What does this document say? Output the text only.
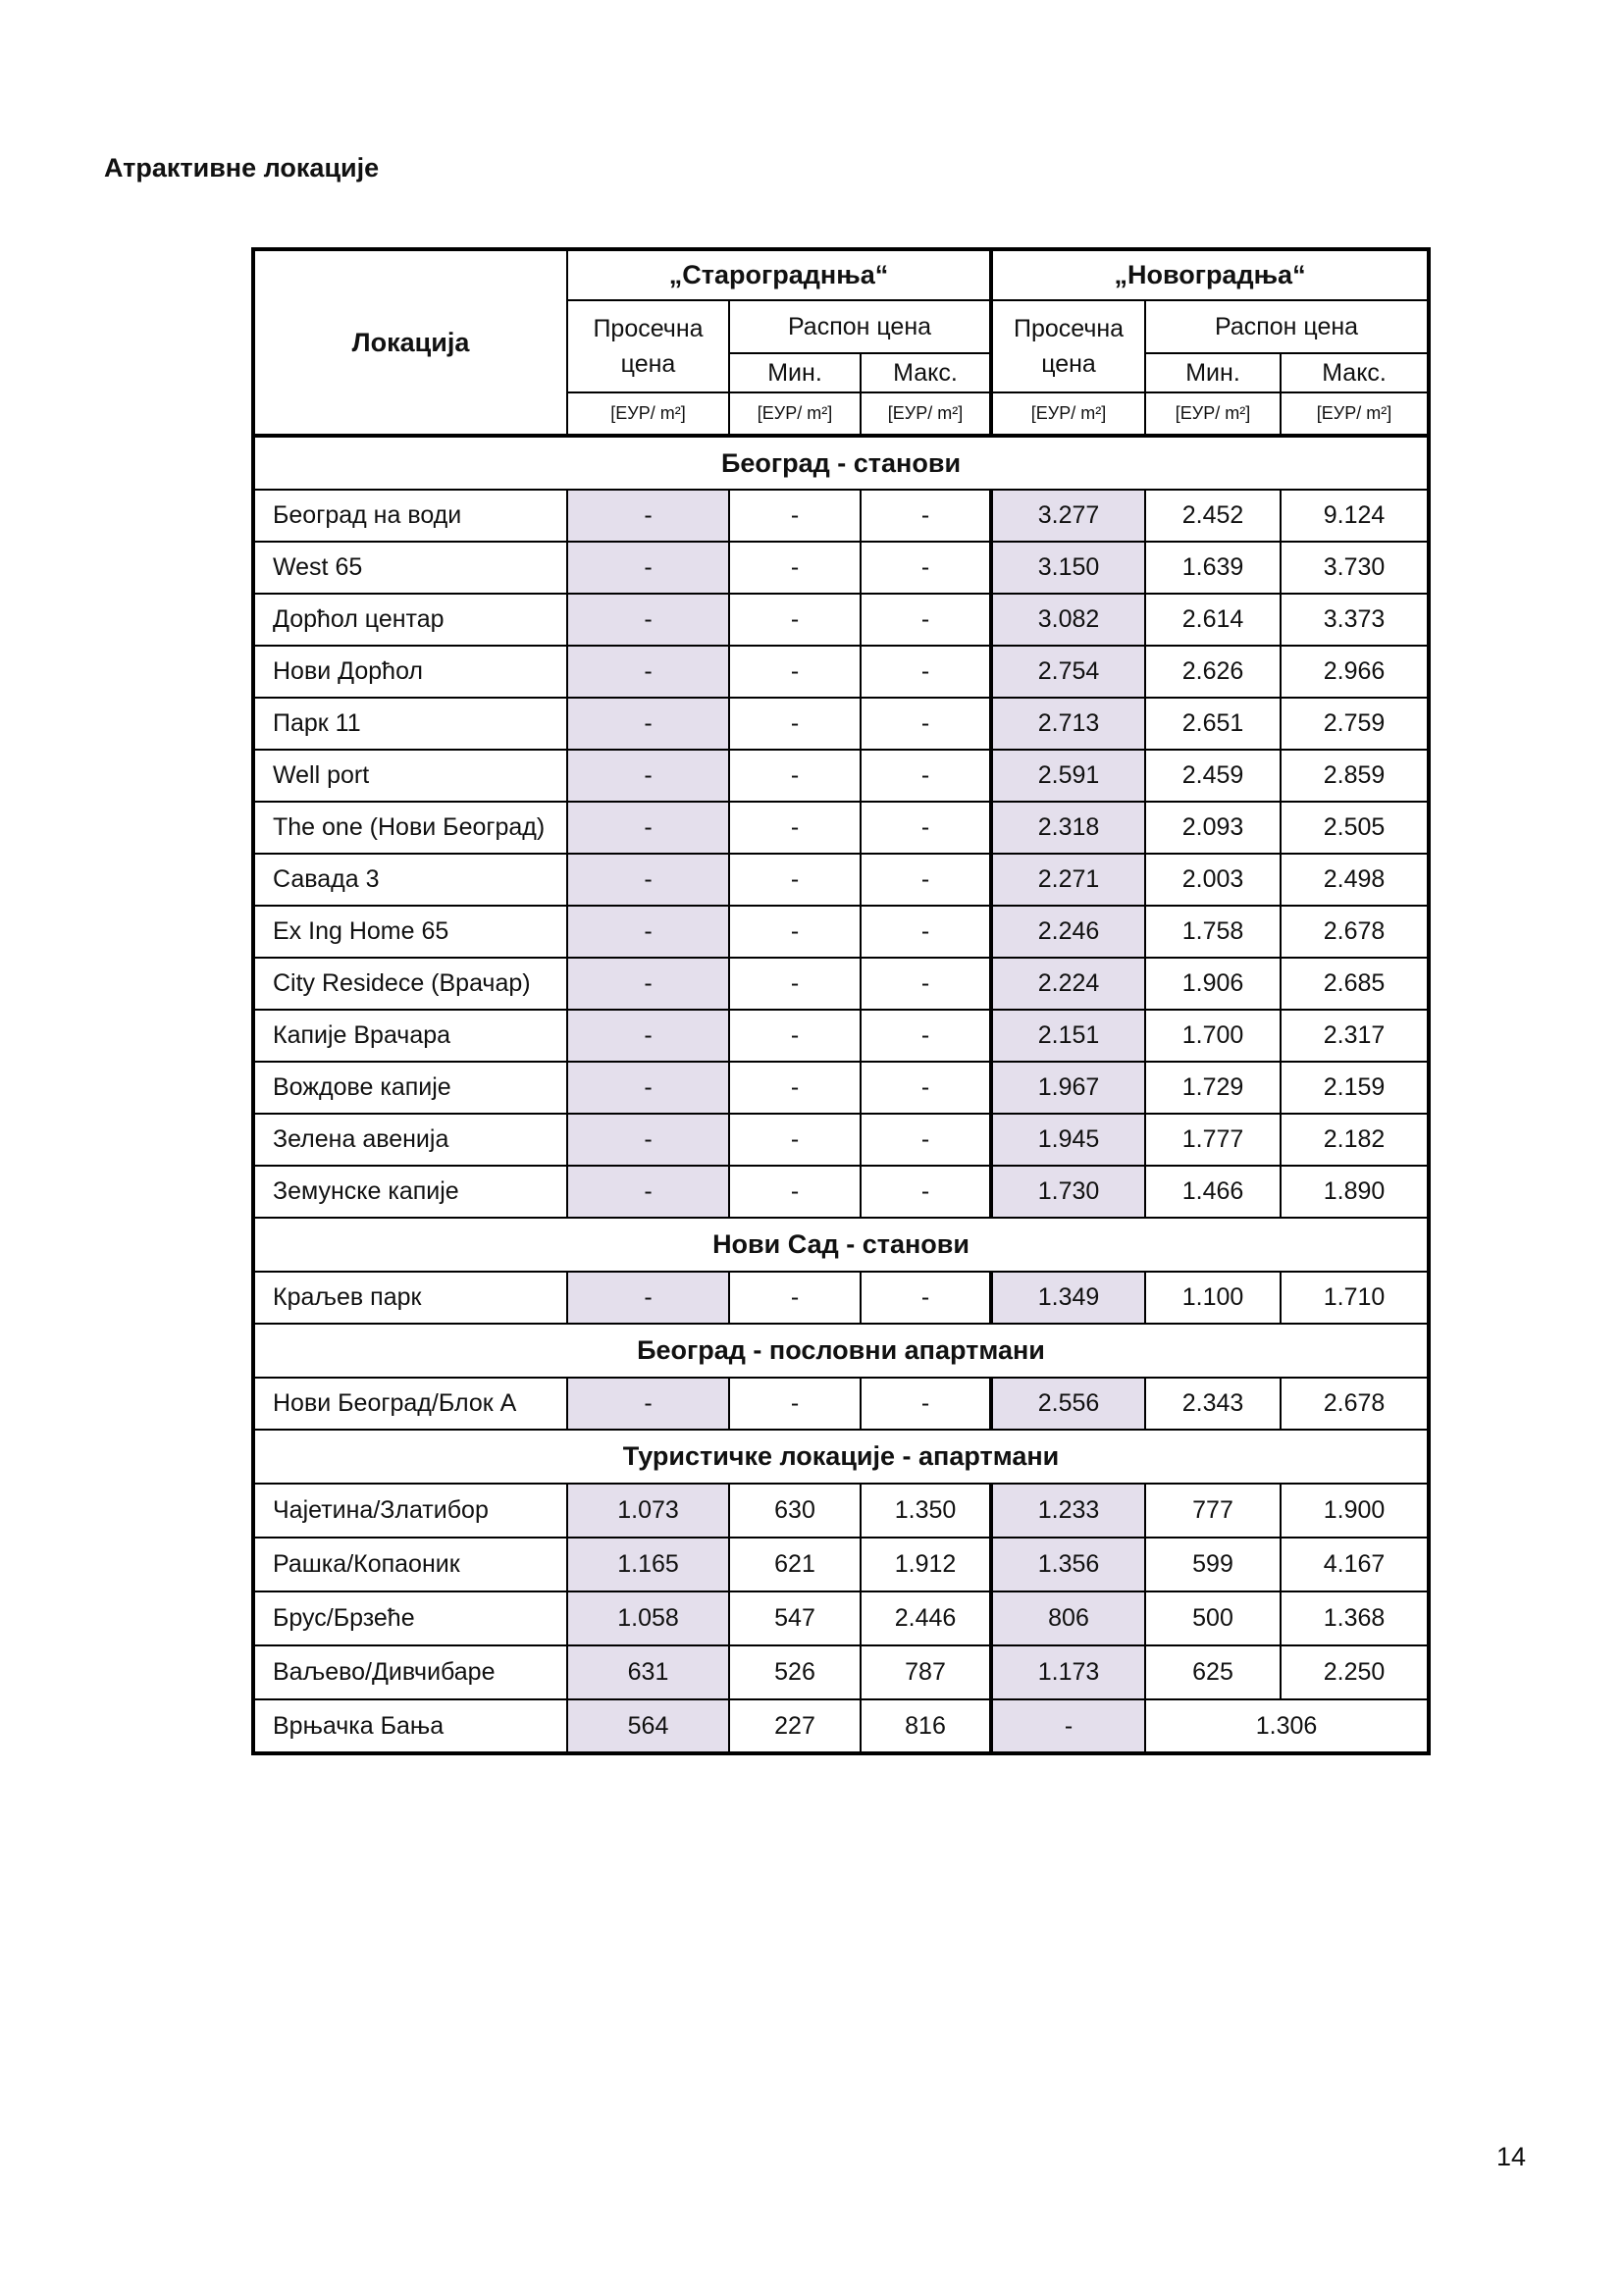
Атрактивне локације
Локација	„Старограднња“			„Новоградња“		
	Просечна цена	Распон цена		Просечна цена	Распон цена	
		Мин.	Макс.		Мин.	Макс.
	[ЕУР/ m²]	[ЕУР/ m²]	[ЕУР/ m²]	[ЕУР/ m²]	[ЕУР/ m²]	[ЕУР/ m²]
Београд - станови						
Београд на води	-	-	-	3.277	2.452	9.124
West 65	-	-	-	3.150	1.639	3.730
Дорћол центар	-	-	-	3.082	2.614	3.373
Нови Дорћол	-	-	-	2.754	2.626	2.966
Парк 11	-	-	-	2.713	2.651	2.759
Well port	-	-	-	2.591	2.459	2.859
The one (Нови Београд)	-	-	-	2.318	2.093	2.505
Савада 3	-	-	-	2.271	2.003	2.498
Ex Ing Home 65	-	-	-	2.246	1.758	2.678
City Residece (Врачар)	-	-	-	2.224	1.906	2.685
Капије Врачара	-	-	-	2.151	1.700	2.317
Вождове капије	-	-	-	1.967	1.729	2.159
Зелена авенија	-	-	-	1.945	1.777	2.182
Земунске капије	-	-	-	1.730	1.466	1.890
Нови Сад - станови						
Краљев парк	-	-	-	1.349	1.100	1.710
Београд - пословни апартмани						
Нови Београд/Блок А	-	-	-	2.556	2.343	2.678
Туристичке локације - апартмани						
Чајетина/Златибор	1.073	630	1.350	1.233	777	1.900
Рашка/Копаоник	1.165	621	1.912	1.356	599	4.167
Брус/Брзеће	1.058	547	2.446	806	500	1.368
Ваљево/Дивчибаре	631	526	787	1.173	625	2.250
Врњачка Бања	564	227	816	-	1.306	
14
